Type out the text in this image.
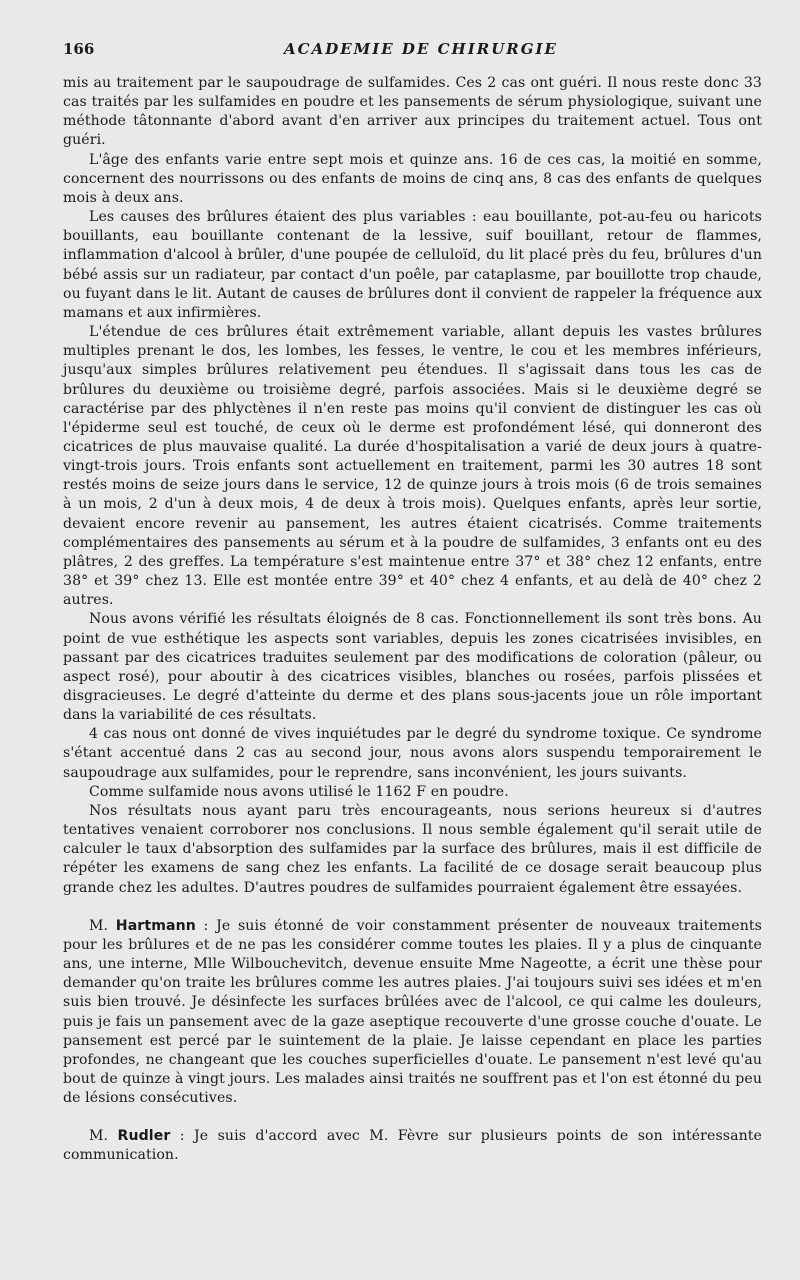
166	ACADEMIE DE CHIRURGIE

mis au traitement par le saupoudrage de sulfamides. Ces 2 cas ont guéri. Il nous reste donc 33 cas traités par les sulfamides en poudre et les pansements de sérum physiologique, suivant une méthode tâtonnante d'abord avant d'en arriver aux principes du traitement actuel. Tous ont guéri.

L'âge des enfants varie entre sept mois et quinze ans. 16 de ces cas, la moitié en somme, concernent des nourrissons ou des enfants de moins de cinq ans, 8 cas des enfants de quelques mois à deux ans.

Les causes des brûlures étaient des plus variables : eau bouillante, pot-au-feu ou haricots bouillants, eau bouillante contenant de la lessive, suif bouillant, retour de flammes, inflammation d'alcool à brûler, d'une poupée de celluloïd, du lit placé près du feu, brûlures d'un bébé assis sur un radiateur, par contact d'un poêle, par cataplasme, par bouillotte trop chaude, ou fuyant dans le lit. Autant de causes de brûlures dont il convient de rappeler la fréquence aux mamans et aux infirmières.

L'étendue de ces brûlures était extrêmement variable, allant depuis les vastes brûlures multiples prenant le dos, les lombes, les fesses, le ventre, le cou et les membres inférieurs, jusqu'aux simples brûlures relativement peu étendues. Il s'agissait dans tous les cas de brûlures du deuxième ou troisième degré, parfois associées. Mais si le deuxième degré se caractérise par des phlyctènes il n'en reste pas moins qu'il convient de distinguer les cas où l'épiderme seul est touché, de ceux où le derme est profondément lésé, qui donneront des cicatrices de plus mauvaise qualité. La durée d'hospitalisation a varié de deux jours à quatre-vingt-trois jours. Trois enfants sont actuellement en traitement, parmi les 30 autres 18 sont restés moins de seize jours dans le service, 12 de quinze jours à trois mois (6 de trois semaines à un mois, 2 d'un à deux mois, 4 de deux à trois mois). Quelques enfants, après leur sortie, devaient encore revenir au pansement, les autres étaient cicatrisés. Comme traitements complémentaires des pansements au sérum et à la poudre de sulfamides, 3 enfants ont eu des plâtres, 2 des greffes. La température s'est maintenue entre 37° et 38° chez 12 enfants, entre 38° et 39° chez 13. Elle est montée entre 39° et 40° chez 4 enfants, et au delà de 40° chez 2 autres.

Nous avons vérifié les résultats éloignés de 8 cas. Fonctionnellement ils sont très bons. Au point de vue esthétique les aspects sont variables, depuis les zones cicatrisées invisibles, en passant par des cicatrices traduites seulement par des modifications de coloration (pâleur, ou aspect rosé), pour aboutir à des cicatrices visibles, blanches ou rosées, parfois plissées et disgracieuses. Le degré d'atteinte du derme et des plans sous-jacents joue un rôle important dans la variabilité de ces résultats.

4 cas nous ont donné de vives inquiétudes par le degré du syndrome toxique. Ce syndrome s'étant accentué dans 2 cas au second jour, nous avons alors suspendu temporairement le saupoudrage aux sulfamides, pour le reprendre, sans inconvénient, les jours suivants.

Comme sulfamide nous avons utilisé le 1162 F en poudre.

Nos résultats nous ayant paru très encourageants, nous serions heureux si d'autres tentatives venaient corroborer nos conclusions. Il nous semble également qu'il serait utile de calculer le taux d'absorption des sulfamides par la surface des brûlures, mais il est difficile de répéter les examens de sang chez les enfants. La facilité de ce dosage serait beaucoup plus grande chez les adultes. D'autres poudres de sulfamides pourraient également être essayées.

M. Hartmann : Je suis étonné de voir constamment présenter de nouveaux traitements pour les brûlures et de ne pas les considérer comme toutes les plaies. Il y a plus de cinquante ans, une interne, Mlle Wilbouchevitch, devenue ensuite Mme Nageotte, a écrit une thèse pour demander qu'on traite les brûlures comme les autres plaies. J'ai toujours suivi ses idées et m'en suis bien trouvé. Je désinfecte les surfaces brûlées avec de l'alcool, ce qui calme les douleurs, puis je fais un pansement avec de la gaze aseptique recouverte d'une grosse couche d'ouate. Le pansement est percé par le suintement de la plaie. Je laisse cependant en place les parties profondes, ne changeant que les couches superficielles d'ouate. Le pansement n'est levé qu'au bout de quinze à vingt jours. Les malades ainsi traités ne souffrent pas et l'on est étonné du peu de lésions consécutives.

M. Rudler : Je suis d'accord avec M. Fèvre sur plusieurs points de son intéressante communication.
